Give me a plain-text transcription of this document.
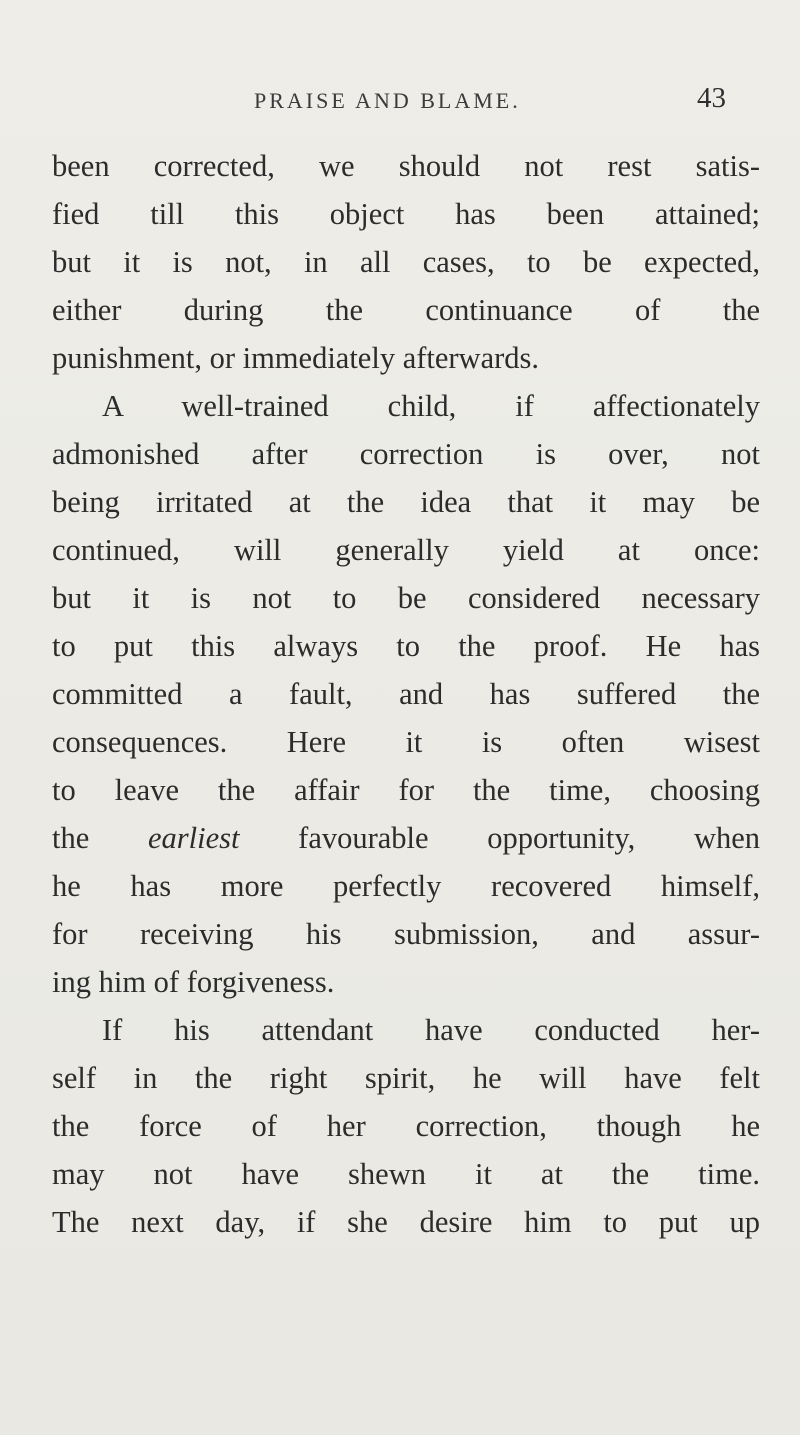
PRAISE AND BLAME.	43
been corrected, we should not rest satis-
fied till this object has been attained;
but it is not, in all cases, to be expected,
either during the continuance of the
punishment, or immediately afterwards.
A well-trained child, if affectionately
admonished after correction is over, not
being irritated at the idea that it may be
continued, will generally yield at once:
but it is not to be considered necessary
to put this always to the proof. He has
committed a fault, and has suffered the
consequences. Here it is often wisest
to leave the affair for the time, choosing
the earliest favourable opportunity, when
he has more perfectly recovered himself,
for receiving his submission, and assur-
ing him of forgiveness.
If his attendant have conducted her-
self in the right spirit, he will have felt
the force of her correction, though he
may not have shewn it at the time.
The next day, if she desire him to put up
